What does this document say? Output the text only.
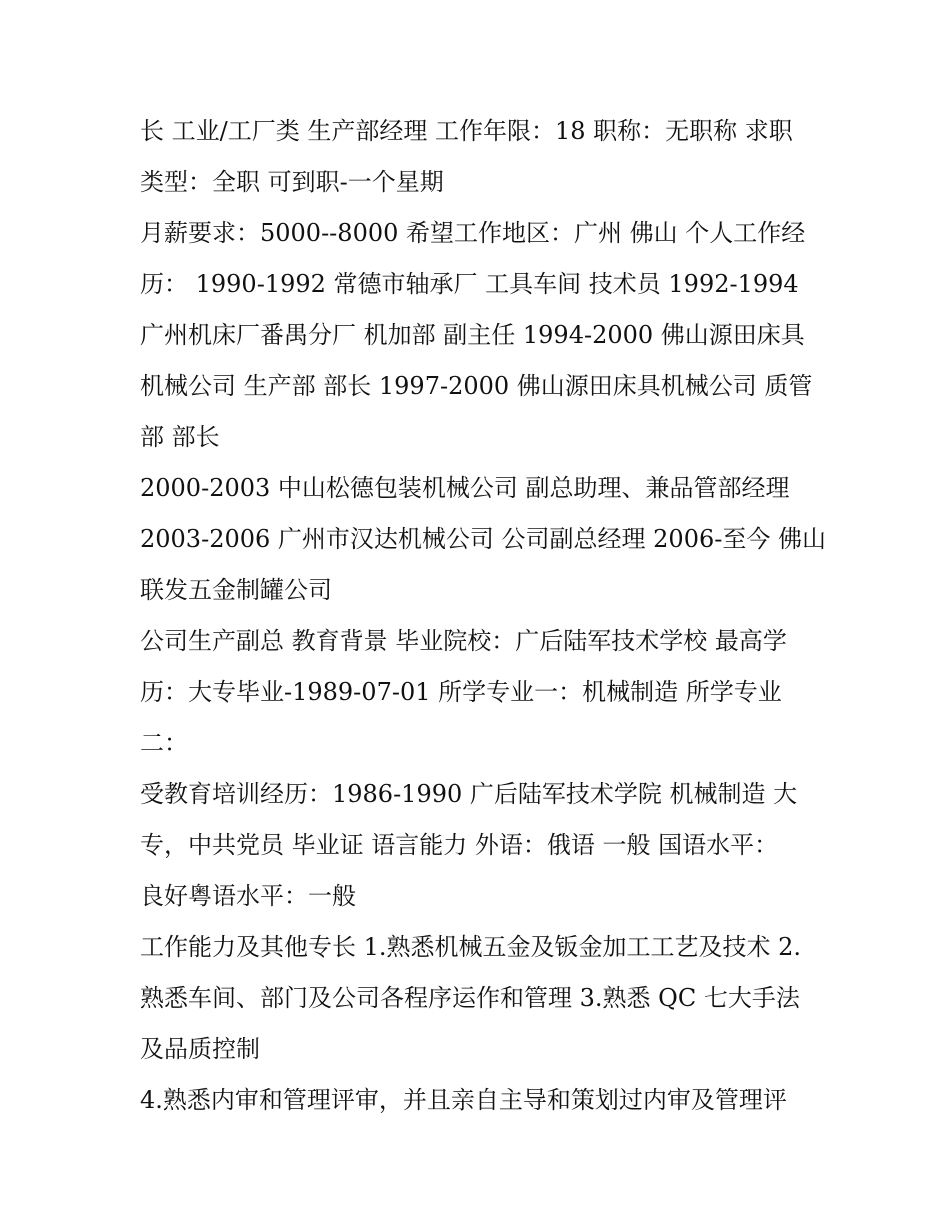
长 工业/工厂类 生产部经理 工作年限：18 职称：无职称 求职
类型：全职 可到职-一个星期
月薪要求：5000--8000 希望工作地区：广州 佛山 个人工作经
历： 1990-1992 常德市轴承厂 工具车间 技术员 1992-1994
广州机床厂番禺分厂 机加部 副主任 1994-2000 佛山源田床具
机械公司 生产部 部长 1997-2000 佛山源田床具机械公司 质管
部 部长
2000-2003 中山松德包装机械公司 副总助理、兼品管部经理
2003-2006 广州市汉达机械公司 公司副总经理 2006-至今 佛山
联发五金制罐公司
公司生产副总 教育背景 毕业院校：广后陆军技术学校 最高学
历：大专毕业-1989-07-01 所学专业一：机械制造 所学专业
二：
受教育培训经历：1986-1990 广后陆军技术学院 机械制造 大
专，中共党员 毕业证 语言能力 外语：俄语 一般 国语水平：
良好粤语水平：一般
工作能力及其他专长 1.熟悉机械五金及钣金加工工艺及技术 2.
熟悉车间、部门及公司各程序运作和管理 3.熟悉 QC 七大手法
及品质控制
4.熟悉内审和管理评审，并且亲自主导和策划过内审及管理评
